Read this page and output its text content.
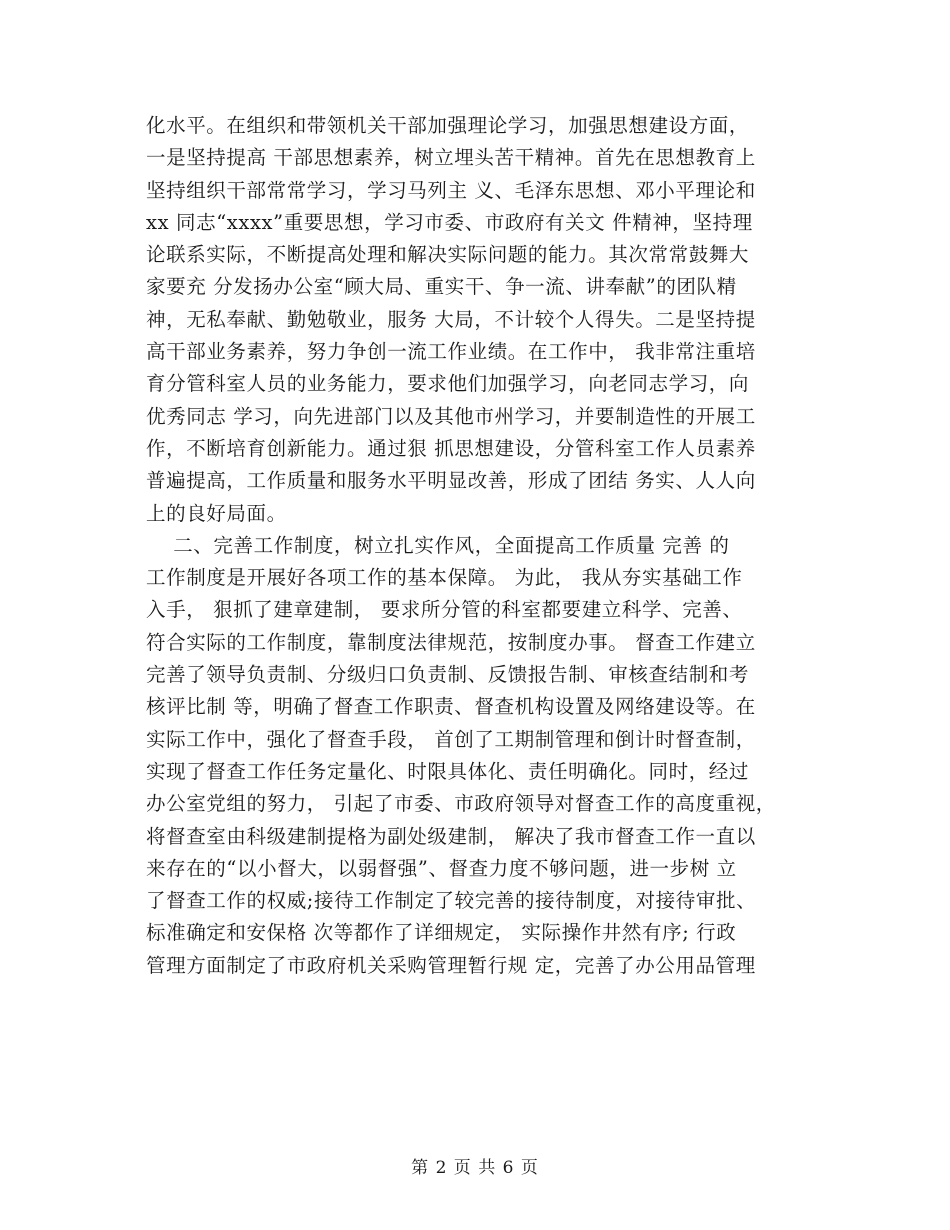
化水平。在组织和带领机关干部加强理论学习，加强思想建设方面，
一是坚持提高 干部思想素养，树立埋头苦干精神。首先在思想教育上
坚持组织干部常常学习，学习马列主 义、毛泽东思想、邓小平理论和
xx 同志“xxxx”重要思想，学习市委、市政府有关文 件精神，坚持理
论联系实际，不断提高处理和解决实际问题的能力。其次常常鼓舞大
家要充 分发扬办公室“顾大局、重实干、争一流、讲奉献”的团队精
神，无私奉献、勤勉敬业，服务 大局，不计较个人得失。二是坚持提
高干部业务素养，努力争创一流工作业绩。在工作中， 我非常注重培
育分管科室人员的业务能力，要求他们加强学习，向老同志学习，向
优秀同志 学习，向先进部门以及其他市州学习，并要制造性的开展工
作，不断培育创新能力。通过狠 抓思想建设，分管科室工作人员素养
普遍提高，工作质量和服务水平明显改善，形成了团结 务实、人人向
上的良好局面。
二、完善工作制度，树立扎实作风，全面提高工作质量 完善 的
工作制度是开展好各项工作的基本保障。 为此， 我从夯实基础工作
入手， 狠抓了建章建制， 要求所分管的科室都要建立科学、完善、
符合实际的工作制度，靠制度法律规范，按制度办事。 督查工作建立
完善了领导负责制、分级归口负责制、反馈报告制、审核查结制和考
核评比制 等，明确了督查工作职责、督查机构设置及网络建设等。在
实际工作中，强化了督查手段， 首创了工期制管理和倒计时督查制，
实现了督查工作任务定量化、时限具体化、责任明确化。同时，经过
办公室党组的努力， 引起了市委、市政府领导对督查工作的高度重视，
将督查室由科级建制提格为副处级建制， 解决了我市督查工作一直以
来存在的“以小督大，以弱督强”、督查力度不够问题，进一步树 立
了督查工作的权威;接待工作制定了较完善的接待制度，对接待审批、
标准确定和安保格 次等都作了详细规定， 实际操作井然有序; 行政
管理方面制定了市政府机关采购管理暂行规 定，完善了办公用品管理
第 2 页 共 6 页
